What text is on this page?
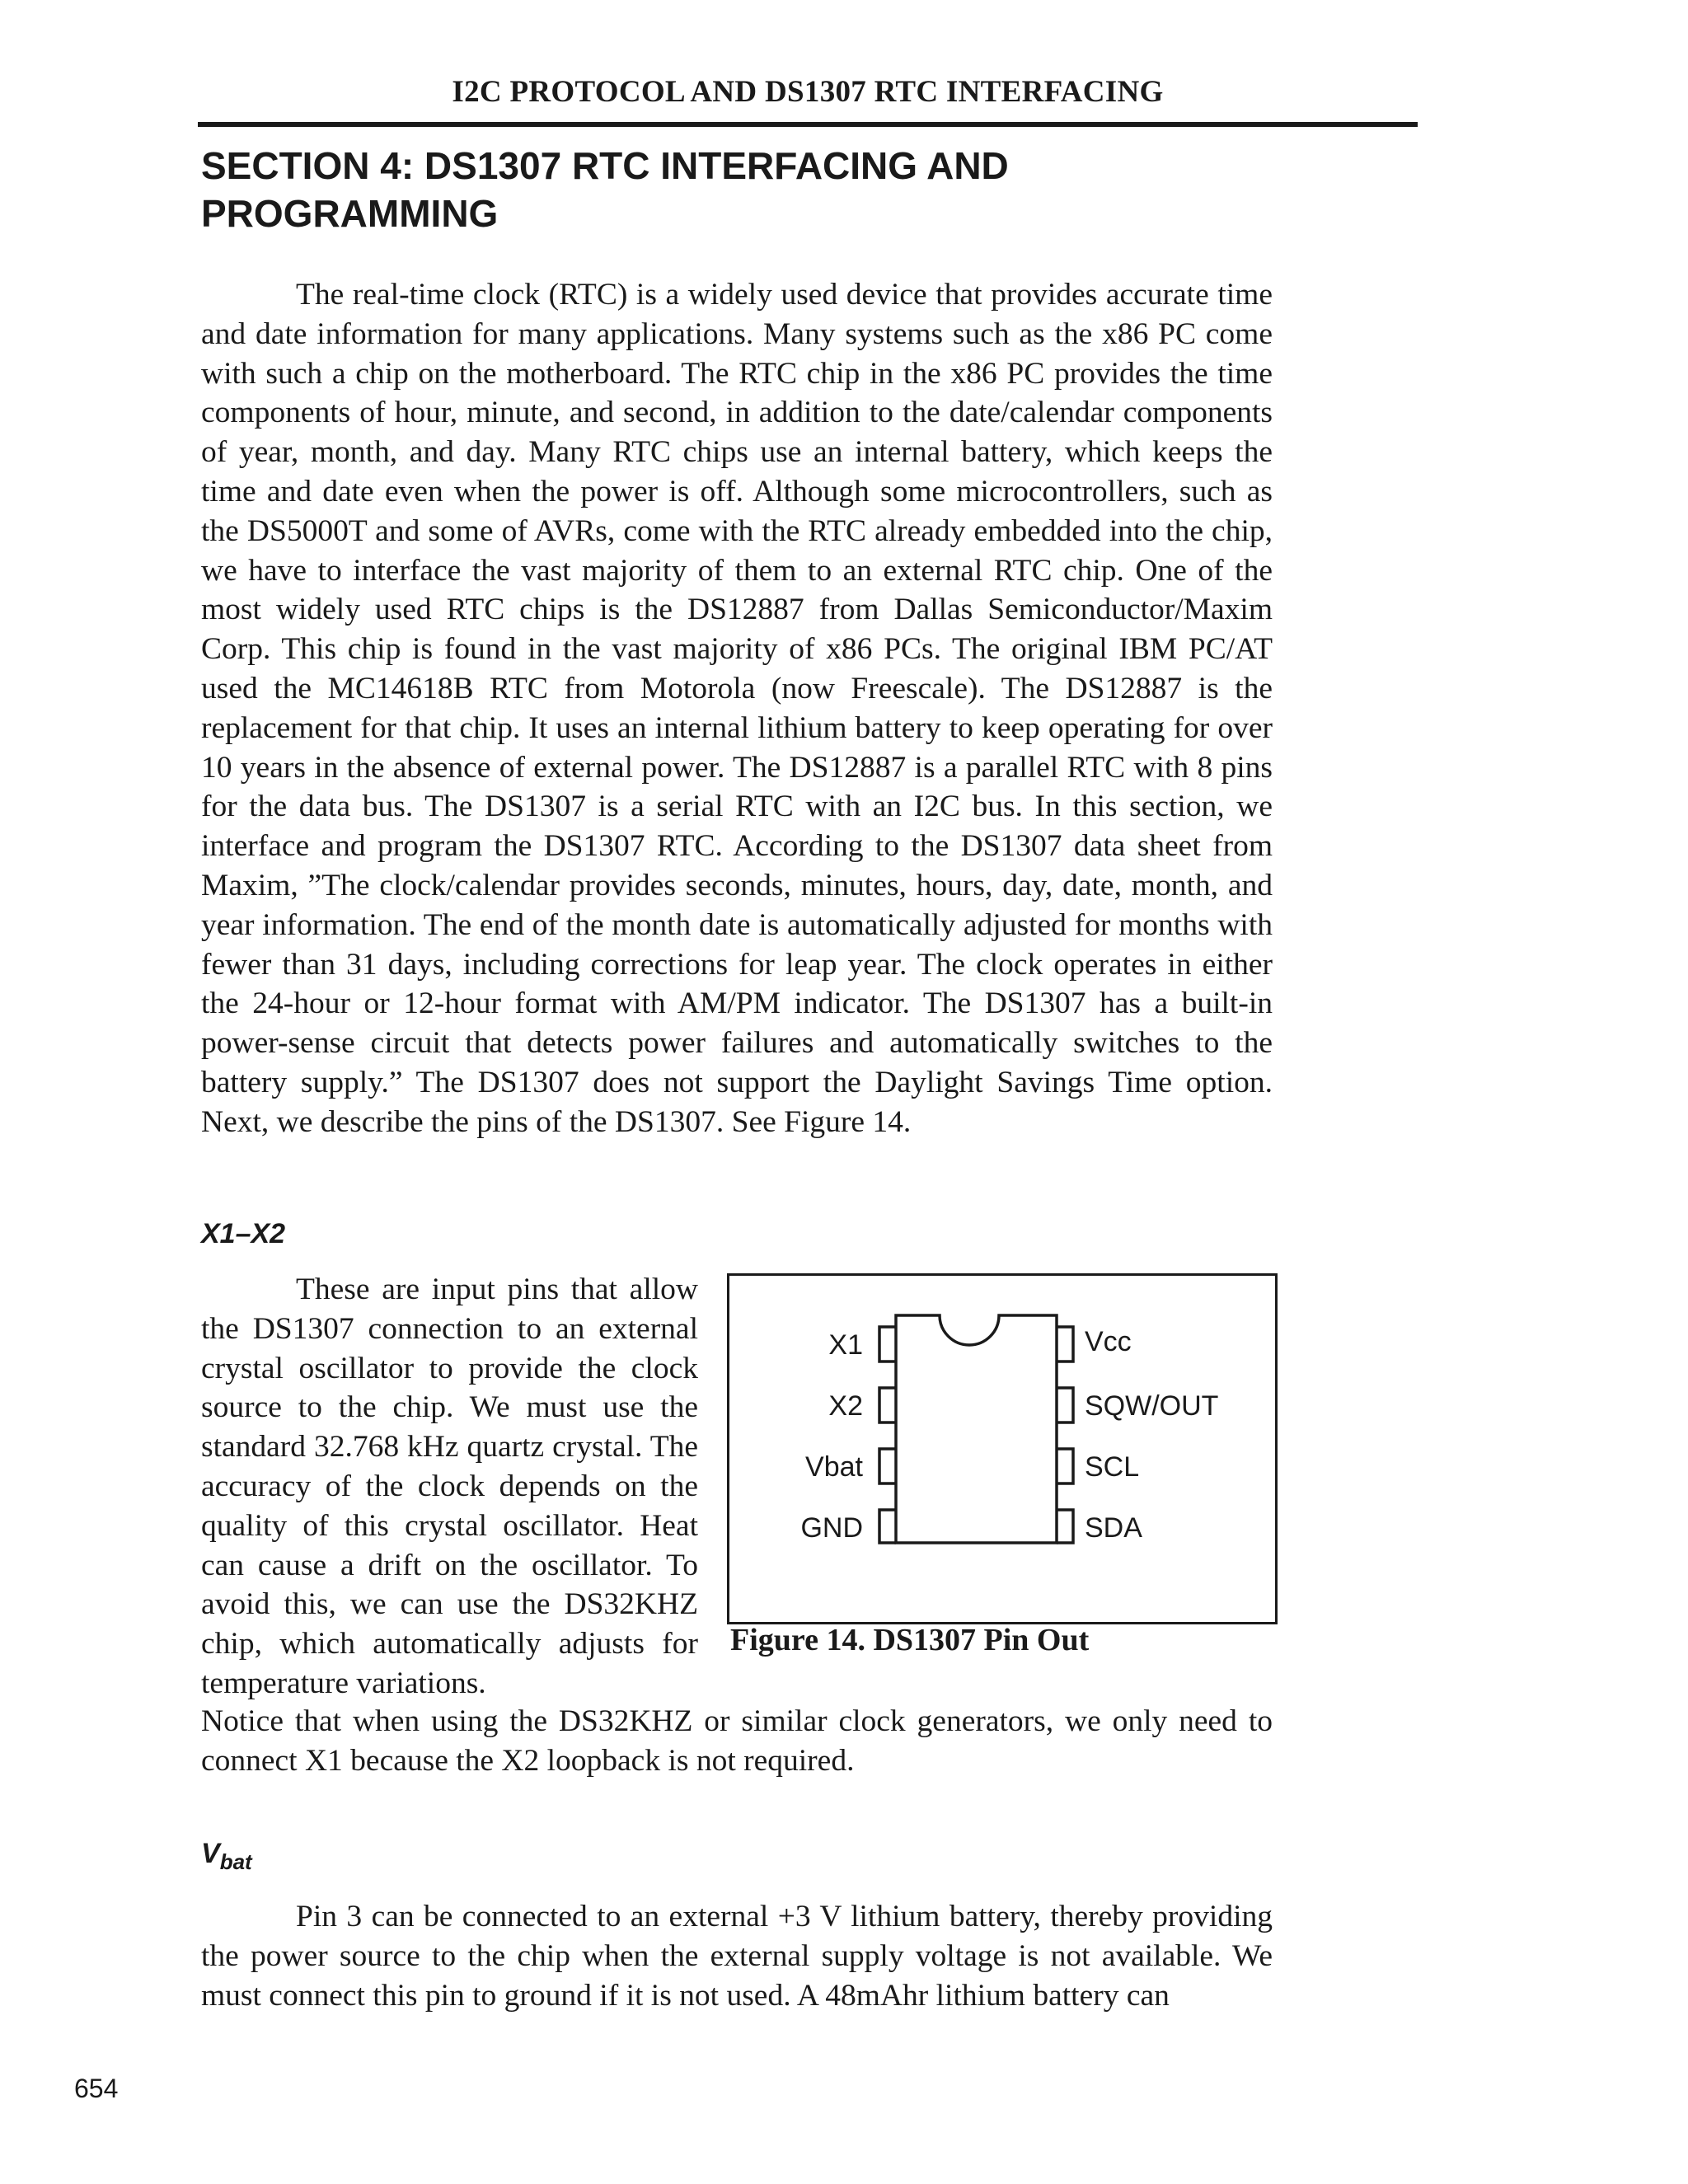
I2C PROTOCOL AND DS1307 RTC INTERFACING
SECTION 4: DS1307 RTC INTERFACING AND
PROGRAMMING
The real-time clock (RTC) is a widely used device that provides accurate time and date information for many applications. Many systems such as the x86 PC come with such a chip on the motherboard. The RTC chip in the x86 PC provides the time components of hour, minute, and second, in addition to the date/calendar components of year, month, and day. Many RTC chips use an internal battery, which keeps the time and date even when the power is off. Although some microcontrollers, such as the DS5000T and some of AVRs, come with the RTC already embedded into the chip, we have to interface the vast majority of them to an external RTC chip. One of the most widely used RTC chips is the DS12887 from Dallas Semiconductor/Maxim Corp. This chip is found in the vast majority of x86 PCs. The original IBM PC/AT used the MC14618B RTC from Motorola (now Freescale). The DS12887 is the replacement for that chip. It uses an internal lithium battery to keep operating for over 10 years in the absence of external power. The DS12887 is a parallel RTC with 8 pins for the data bus. The DS1307 is a serial RTC with an I2C bus. In this section, we interface and program the DS1307 RTC. According to the DS1307 data sheet from Maxim, ”The clock/calendar provides seconds, minutes, hours, day, date, month, and year information. The end of the month date is automatically adjusted for months with fewer than 31 days, including corrections for leap year. The clock operates in either the 24-hour or 12-hour format with AM/PM indicator. The DS1307 has a built-in power-sense circuit that detects power failures and automatically switches to the battery supply.” The DS1307 does not support the Daylight Savings Time option. Next, we describe the pins of the DS1307. See Figure 14.
X1–X2
These are input pins that allow the DS1307 connection to an external crystal oscillator to provide the clock source to the chip. We must use the standard 32.768 kHz quartz crystal. The accuracy of the clock depends on the quality of this crystal oscillator. Heat can cause a drift on the oscillator. To avoid this, we can use the DS32KHZ chip, which automatically adjusts for temperature variations.
Notice that when using the DS32KHZ or similar clock generators, we only need to connect X1 because the X2 loopback is not required.
X1
X2
Vbat
GND
Vcc
SQW/OUT
SCL
SDA
Figure 14. DS1307 Pin Out
$V_{bat}$
Pin 3 can be connected to an external +3 V lithium battery, thereby providing the power source to the chip when the external supply voltage is not available. We must connect this pin to ground if it is not used. A 48mAhr lithium battery can
654
